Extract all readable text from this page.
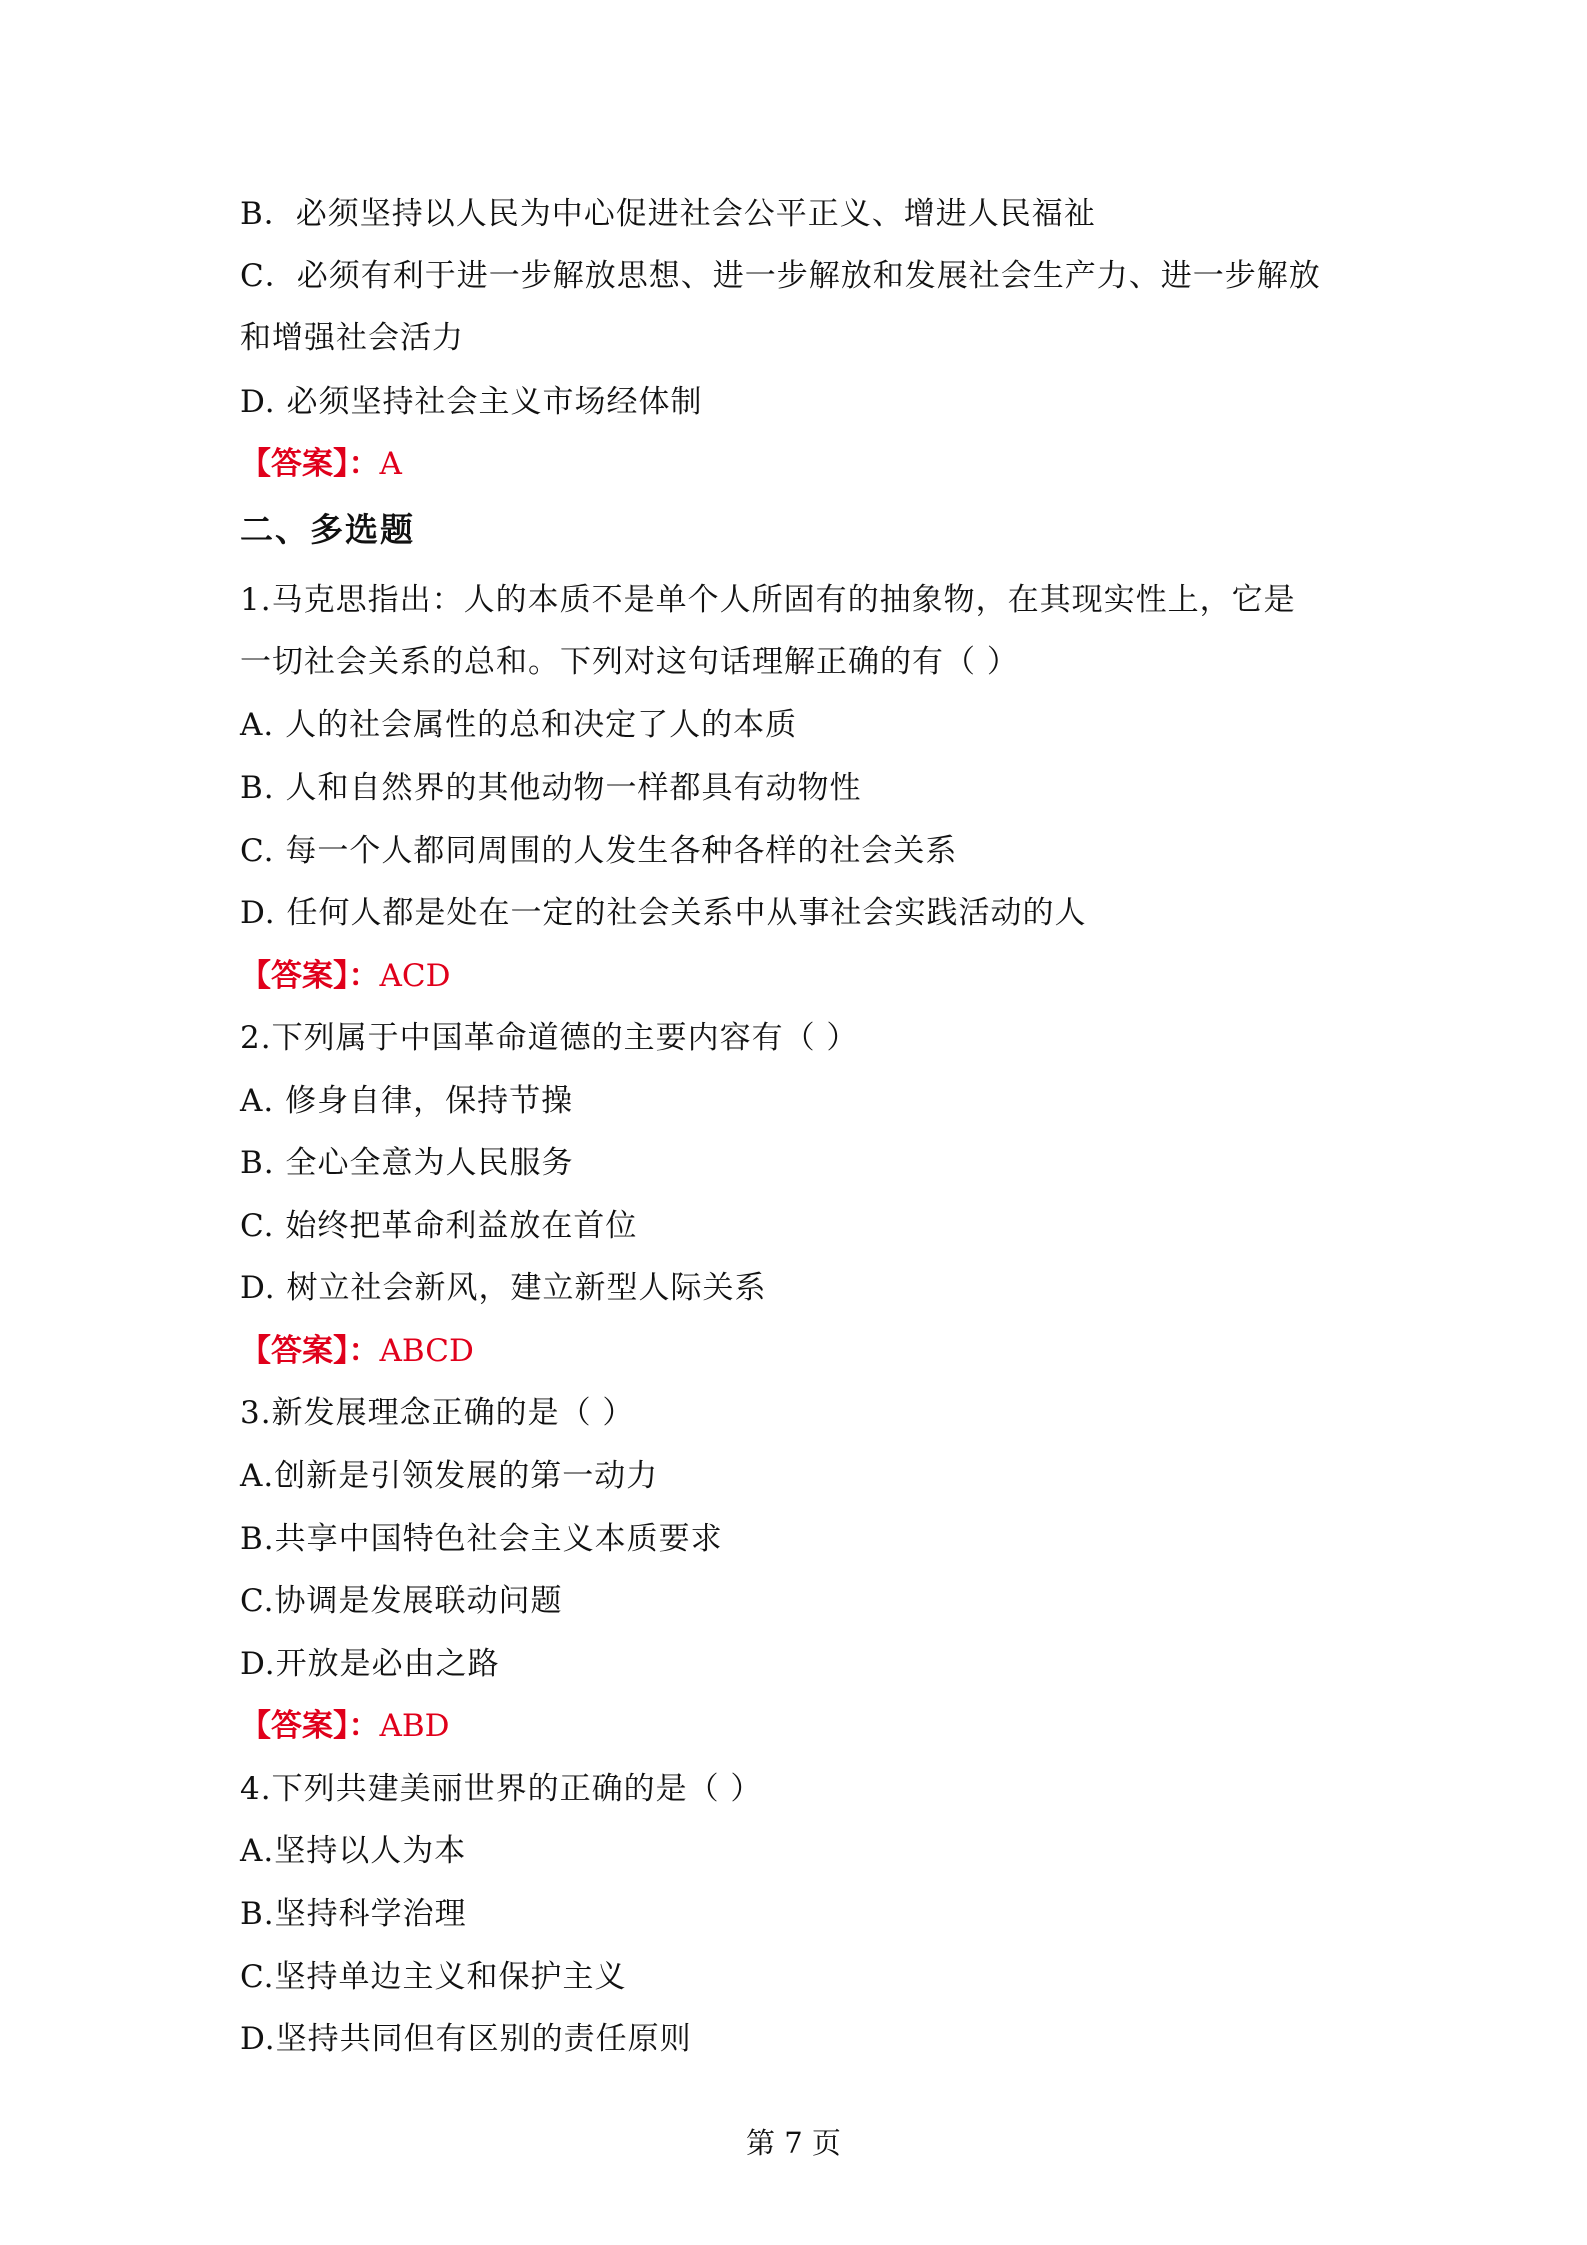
B．必须坚持以人民为中心促进社会公平正义、增进人民福祉
C．必须有利于进一步解放思想、进一步解放和发展社会生产力、进一步解放
和增强社会活力
D. 必须坚持社会主义市场经体制
【答案】：A
二、多选题
1.马克思指出：人的本质不是单个人所固有的抽象物，在其现实性上，它是
一切社会关系的总和。下列对这句话理解正确的有（ ）
A. 人的社会属性的总和决定了人的本质
B. 人和自然界的其他动物一样都具有动物性
C. 每一个人都同周围的人发生各种各样的社会关系
D. 任何人都是处在一定的社会关系中从事社会实践活动的人
【答案】：ACD
2.下列属于中国革命道德的主要内容有（ ）
A. 修身自律，保持节操
B. 全心全意为人民服务
C. 始终把革命利益放在首位
D. 树立社会新风，建立新型人际关系
【答案】：ABCD
3.新发展理念正确的是（ ）
A.创新是引领发展的第一动力
B.共享中国特色社会主义本质要求
C.协调是发展联动问题
D.开放是必由之路
【答案】：ABD
4.下列共建美丽世界的正确的是（ ）
A.坚持以人为本
B.坚持科学治理
C.坚持单边主义和保护主义
D.坚持共同但有区别的责任原则
第 7 页
